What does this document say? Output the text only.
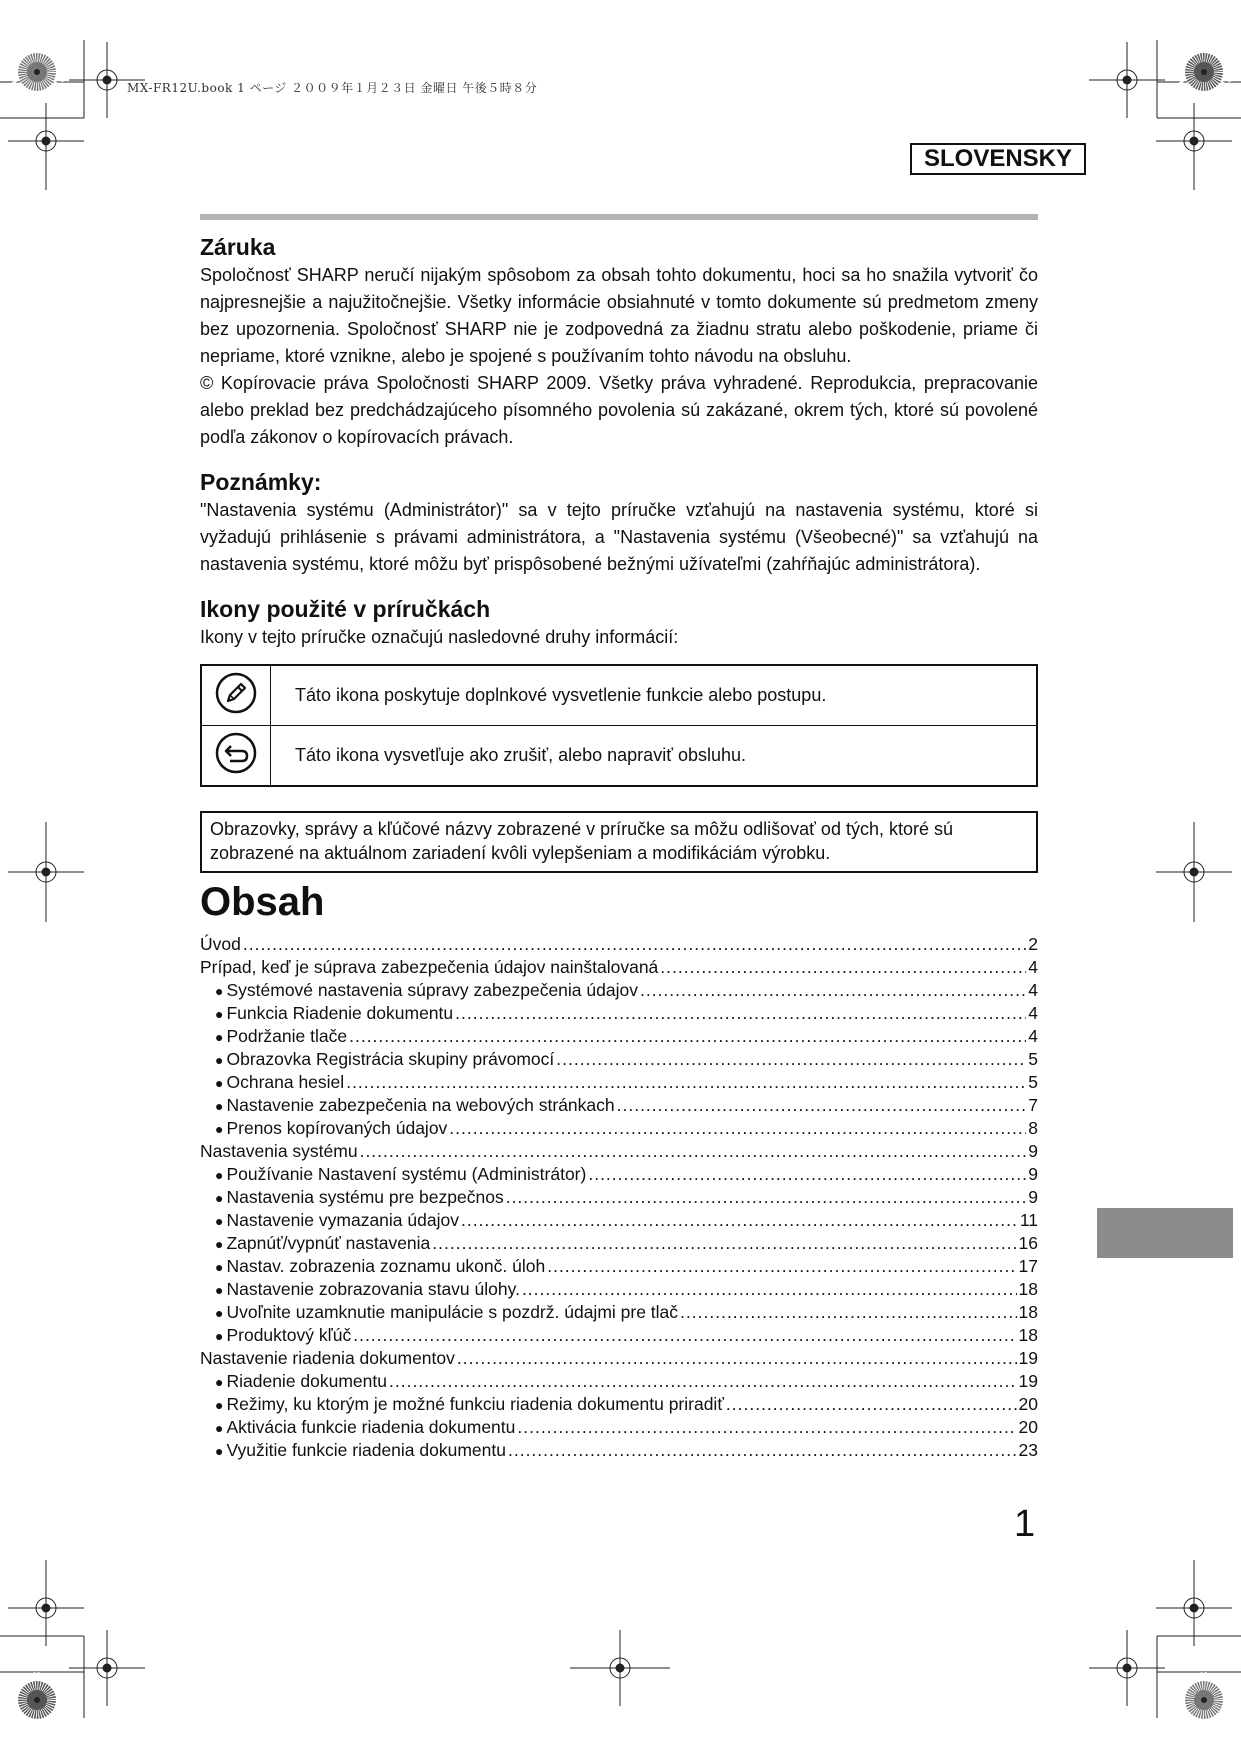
MX-FR12U.book 1 ページ ２００９年１月２３日 金曜日 午後５時８分
SLOVENSKY
Záruka

Spoločnosť SHARP neručí nijakým spôsobom za obsah tohto dokumentu, hoci sa ho snažila vytvoriť čo najpresnejšie a najužitočnejšie. Všetky informácie obsiahnuté v tomto dokumente sú predmetom zmeny bez upozornenia. Spoločnosť SHARP nie je zodpovedná za žiadnu stratu alebo poškodenie, priame či nepriame, ktoré vznikne, alebo je spojené s používaním tohto návodu na obsluhu.

© Kopírovacie práva Spoločnosti SHARP 2009. Všetky práva vyhradené. Reprodukcia, prepracovanie alebo preklad bez predchádzajúceho písomného povolenia sú zakázané, okrem tých, ktoré sú povolené podľa zákonov o kopírovacích právach.

Poznámky:

"Nastavenia systému (Administrátor)" sa v tejto príručke vzťahujú na nastavenia systému, ktoré si vyžadujú prihlásenie s právami administrátora, a "Nastavenia systému (Všeobecné)" sa vzťahujú na nastavenia systému, ktoré môžu byť prispôsobené bežnými užívateľmi (zahŕňajúc administrátora).

Ikony použité v príručkách

Ikony v tejto príručke označujú nasledovné druhy informácií:

	Táto ikona poskytuje doplnkové vysvetlenie funkcie alebo postupu.
	Táto ikona vysvetľuje ako zrušiť, alebo napraviť obsluhu.
Obrazovky, správy a kľúčové názvy zobrazené v príručke sa môžu odlišovať od tých, ktoré sú zobrazené na aktuálnom zariadení kvôli vylepšeniam a modifikáciám výrobku.
Obsah
Úvod .....	2
Prípad, keď je súprava zabezpečenia údajov nainštalovaná .....	4
● Systémové nastavenia súpravy zabezpečenia údajov .....	4
● Funkcia Riadenie dokumentu .....	4
● Podržanie tlače .....	4
● Obrazovka Registrácia skupiny právomocí .....	5
● Ochrana hesiel .....	5
● Nastavenie zabezpečenia na webových stránkach .....	7
● Prenos kopírovaných údajov .....	8
Nastavenia systému .....	9
● Používanie Nastavení systému (Administrátor) .....	9
● Nastavenia systému pre bezpečnos .....	9
● Nastavenie vymazania údajov .....	11
● Zapnúť/vypnúť nastavenia .....	16
● Nastav. zobrazenia zoznamu ukonč. úloh .....	17
● Nastavenie zobrazovania stavu úlohy. .....	18
● Uvoľnite uzamknutie manipulácie s pozdrž. údajmi pre tlač .....	18
● Produktový kľúč .....	18
Nastavenie riadenia dokumentov .....	19
● Riadenie dokumentu .....	19
● Režimy, ku ktorým je možné funkciu riadenia dokumentu priradiť .....	20
● Aktivácia funkcie riadenia dokumentu .....	20
● Využitie funkcie riadenia dokumentu .....	23
1
